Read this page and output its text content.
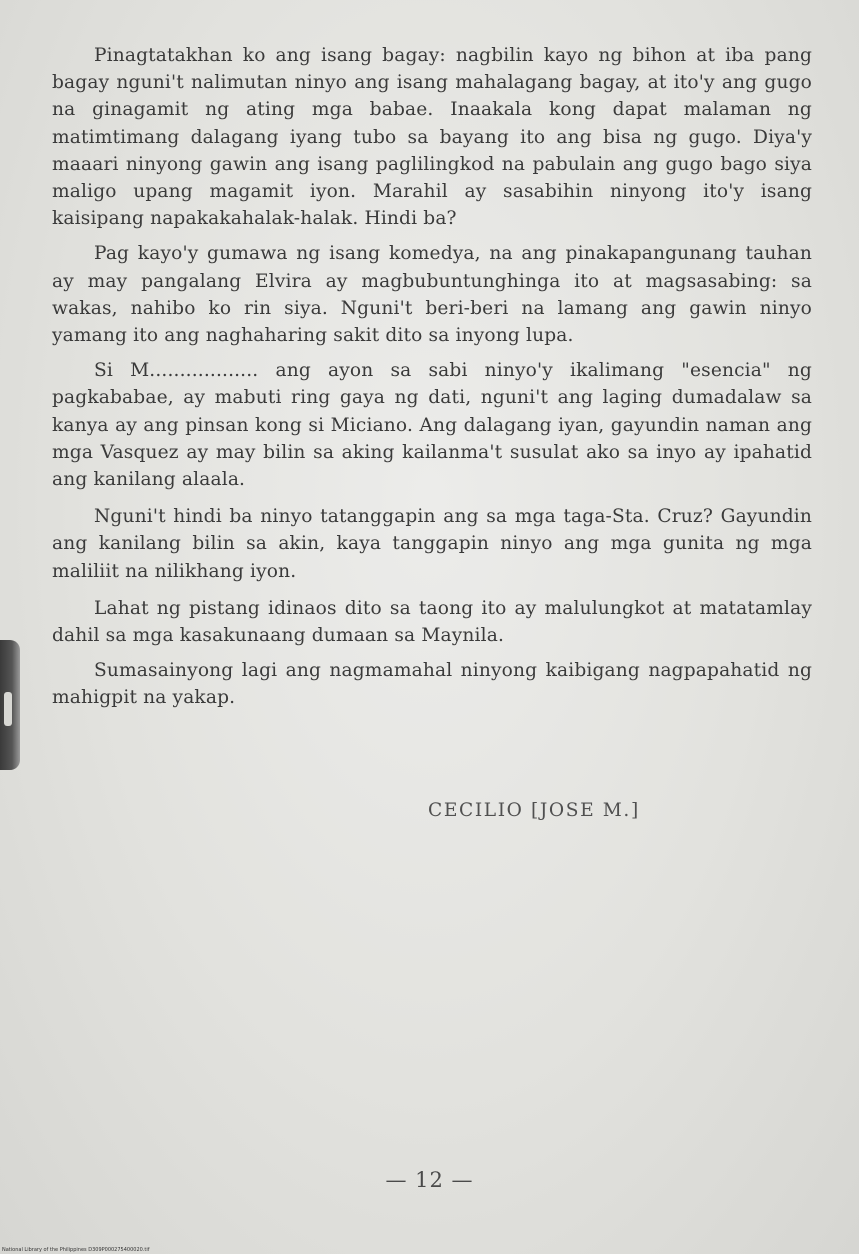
Pinagtatakhan ko ang isang bagay: nagbilin kayo ng bihon at iba pang bagay nguni't nalimutan ninyo ang isang mahalagang bagay, at ito'y ang gugo na ginagamit ng ating mga babae. Inaakala kong dapat malaman ng matimtimang dalagang iyang tubo sa bayang ito ang bisa ng gugo. Diya'y maaari ninyong gawin ang isang paglilingkod na pabulain ang gugo bago siya maligo upang magamit iyon. Marahil ay sasabihin ninyong ito'y isang kaisipang napakakahalak-halak. Hindi ba?

Pag kayo'y gumawa ng isang komedya, na ang pinakapangunang tauhan ay may pangalang Elvira ay magbubuntunghinga ito at magsasabing: sa wakas, nahibo ko rin siya. Nguni't beri-beri na lamang ang gawin ninyo yamang ito ang naghaharing sakit dito sa inyong lupa.

Si M.................. ang ayon sa sabi ninyo'y ikalimang "esencia" ng pagkababae, ay mabuti ring gaya ng dati, nguni't ang laging dumadalaw sa kanya ay ang pinsan kong si Miciano. Ang dalagang iyan, gayundin naman ang mga Vasquez ay may bilin sa aking kailanma't susulat ako sa inyo ay ipahatid ang kanilang alaala.

Nguni't hindi ba ninyo tatanggapin ang sa mga taga-Sta. Cruz? Gayundin ang kanilang bilin sa akin, kaya tanggapin ninyo ang mga gunita ng mga maliliit na nilikhang iyon.

Lahat ng pistang idinaos dito sa taong ito ay malulungkot at matatamlay dahil sa mga kasakunaang dumaan sa Maynila.

Sumasainyong lagi ang nagmamahal ninyong kaibigang nagpapahatid ng mahigpit na yakap.

CECILIO [JOSE M.]
— 12 —
National Library of the Philippines D309P000275400020.tif
